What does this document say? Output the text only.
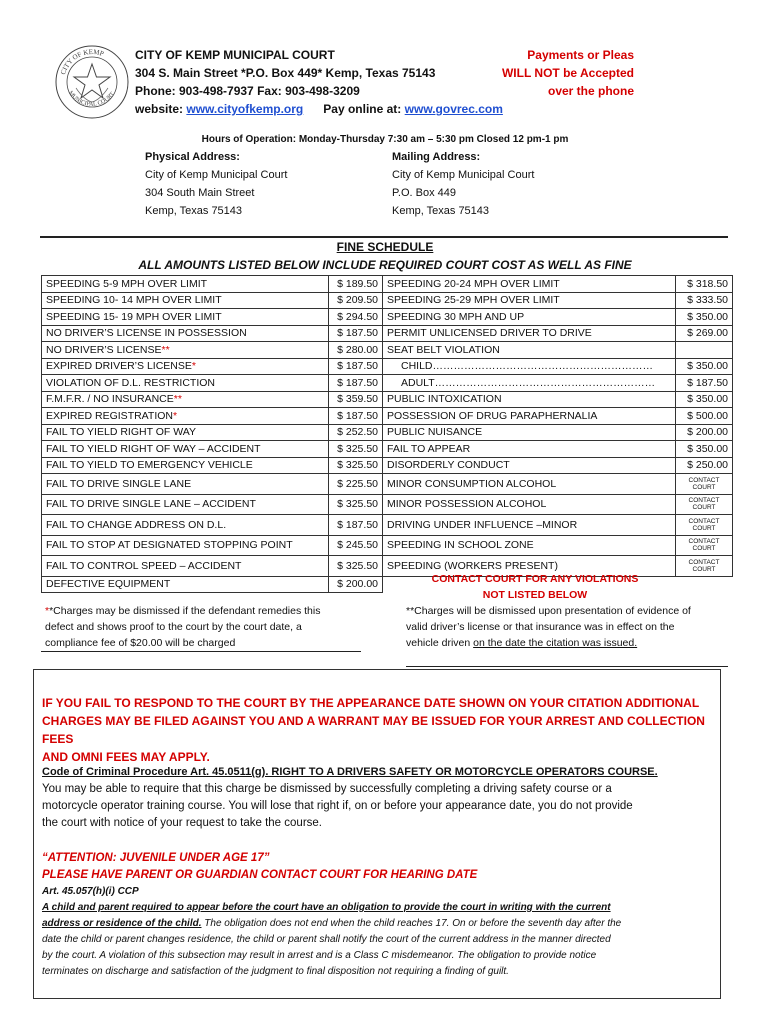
CITY OF KEMP
MUNICIPAL COURT
CITY OF KEMP MUNICIPAL COURT
304 S. Main Street *P.O. Box 449* Kemp, Texas 75143
Phone: 903-498-7937 Fax: 903-498-3209
website: www.cityofkemp.org Pay online at: www.govrec.com
Payments or Pleas
WILL NOT be Accepted
over the phone
Hours of Operation: Monday-Thursday 7:30 am – 5:30 pm Closed 12 pm-1 pm
Physical Address:
City of Kemp Municipal Court
304 South Main Street
Kemp, Texas 75143
Mailing Address:
City of Kemp Municipal Court
P.O. Box 449
Kemp, Texas 75143
FINE SCHEDULE
ALL AMOUNTS LISTED BELOW INCLUDE REQUIRED COURT COST AS WELL AS FINE
SPEEDING 5-9 MPH OVER LIMIT	$ 189.50	SPEEDING 20-24 MPH OVER LIMIT	$ 318.50
SPEEDING 10- 14 MPH OVER LIMIT	$ 209.50	SPEEDING 25-29 MPH OVER LIMIT	$ 333.50
SPEEDING 15- 19 MPH OVER LIMIT	$ 294.50	SPEEDING 30 MPH AND UP	$ 350.00
NO DRIVER’S LICENSE IN POSSESSION	$ 187.50	PERMIT UNLICENSED DRIVER TO DRIVE	$ 269.00
NO DRIVER’S LICENSE**	$ 280.00	SEAT BELT VIOLATION	
EXPIRED DRIVER’S LICENSE*	$ 187.50	CHILD………………………………………………………	$ 350.00
VIOLATION OF D.L. RESTRICTION	$ 187.50	ADULT………………………………………………………	$ 187.50
F.M.F.R. / NO INSURANCE**	$ 359.50	PUBLIC INTOXICATION	$ 350.00
EXPIRED REGISTRATION*	$ 187.50	POSSESSION OF DRUG PARAPHERNALIA	$ 500.00
FAIL TO YIELD RIGHT OF WAY	$ 252.50	PUBLIC NUISANCE	$ 200.00
FAIL TO YIELD RIGHT OF WAY – ACCIDENT	$ 325.50	FAIL TO APPEAR	$ 350.00
FAIL TO YIELD TO EMERGENCY VEHICLE	$ 325.50	DISORDERLY CONDUCT	$ 250.00
FAIL TO DRIVE SINGLE LANE	$ 225.50	MINOR CONSUMPTION ALCOHOL	CONTACT COURT
FAIL TO DRIVE SINGLE LANE – ACCIDENT	$ 325.50	MINOR POSSESSION ALCOHOL	CONTACT COURT
FAIL TO CHANGE ADDRESS ON D.L.	$ 187.50	DRIVING UNDER INFLUENCE –MINOR	CONTACT COURT
FAIL TO STOP AT DESIGNATED STOPPING POINT	$ 245.50	SPEEDING IN SCHOOL ZONE	CONTACT COURT
FAIL TO CONTROL SPEED – ACCIDENT	$ 325.50	SPEEDING (WORKERS PRESENT)	CONTACT COURT
DEFECTIVE EQUIPMENT	$ 200.00			CONTACT COURT FOR ANY VIOLATIONS
NOT LISTED BELOW
**Charges may be dismissed if the defendant remedies this
defect and shows proof to the court by the court date, a
compliance fee of $20.00 will be charged
**Charges will be dismissed upon presentation of evidence of
valid driver’s license or that insurance was in effect on the
vehicle driven on the date the citation was issued.
IF YOU FAIL TO RESPOND TO THE COURT BY THE APPEARANCE DATE SHOWN ON YOUR CITATION ADDITIONAL
CHARGES MAY BE FILED AGAINST YOU AND A WARRANT MAY BE ISSUED FOR YOUR ARREST AND COLLECTION FEES
AND OMNI FEES MAY APPLY.
Code of Criminal Procedure Art. 45.0511(g). RIGHT TO A DRIVERS SAFETY OR MOTORCYCLE OPERATORS COURSE.
You may be able to require that this charge be dismissed by successfully completing a driving safety course or a
motorcycle operator training course. You will lose that right if, on or before your appearance date, you do not provide
the court with notice of your request to take the course.
“ATTENTION: JUVENILE UNDER AGE 17”
PLEASE HAVE PARENT OR GUARDIAN CONTACT COURT FOR HEARING DATE
Art. 45.057(h)(i) CCP
A child and parent required to appear before the court have an obligation to provide the court in writing with the current
address or residence of the child. The obligation does not end when the child reaches 17. On or before the seventh day after the
date the child or parent changes residence, the child or parent shall notify the court of the current address in the manner directed
by the court. A violation of this subsection may result in arrest and is a Class C misdemeanor. The obligation to provide notice
terminates on discharge and satisfaction of the judgment to final disposition not requiring a finding of guilt.
